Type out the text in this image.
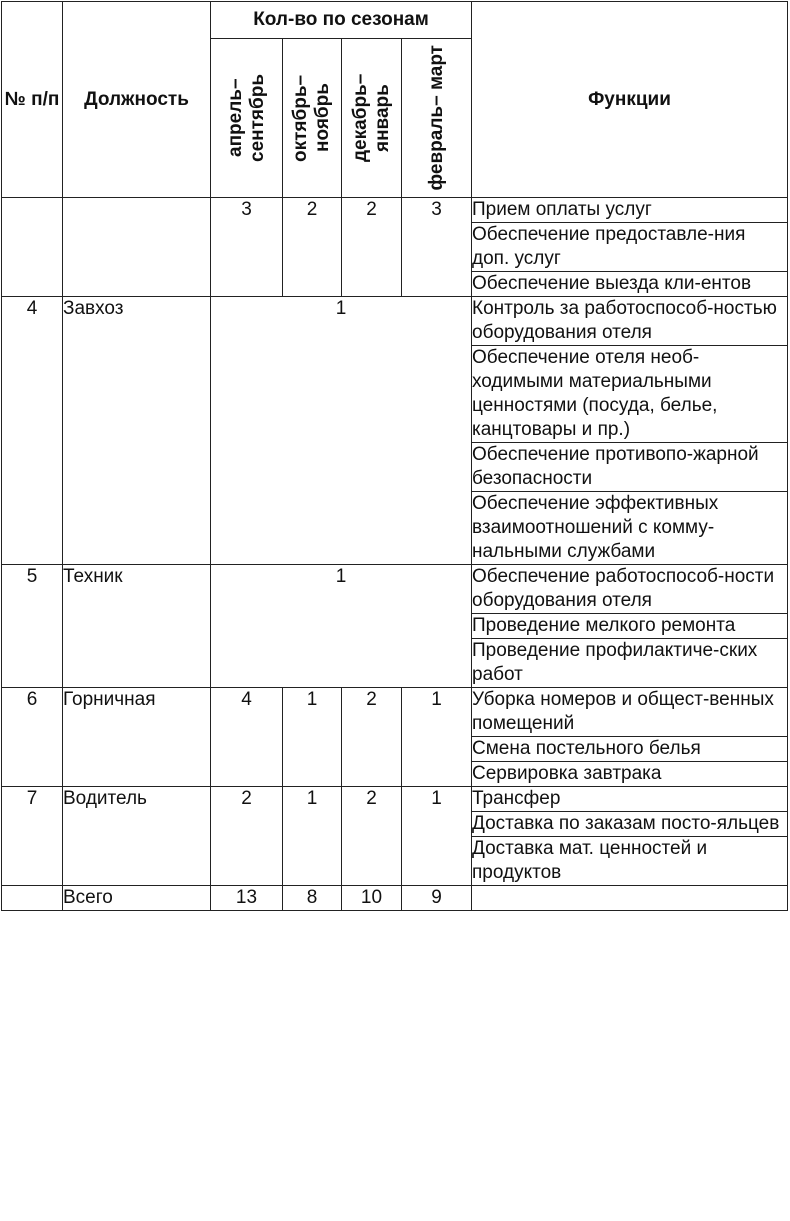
№ п/п	Должность	Кол-во по сезонам				Функции

		апрель– сентябрь	октябрь– ноябрь	декабрь– январь	февраль– март	

		3	2	2	3	Прием оплаты услуг
						Обеспечение предоставле-ния доп. услуг
						Обеспечение выезда кли-ентов
4	Завхоз	1				Контроль за работоспособ-ностью оборудования отеля
						Обеспечение отеля необ-ходимыми материальными ценностями (посуда, белье, канцтовары и пр.)
						Обеспечение противопо-жарной безопасности
						Обеспечение эффективных взаимоотношений с комму-нальными службами
5	Техник	1				Обеспечение работоспособ-ности оборудования отеля
						Проведение мелкого ремонта
						Проведение профилактиче-ских работ
6	Горничная	4	1	2	1	Уборка номеров и общест-венных помещений
						Смена постельного белья
						Сервировка завтрака
7	Водитель	2	1	2	1	Трансфер
						Доставка по заказам посто-яльцев
						Доставка мат. ценностей и продуктов
	Всего	13	8	10	9	
